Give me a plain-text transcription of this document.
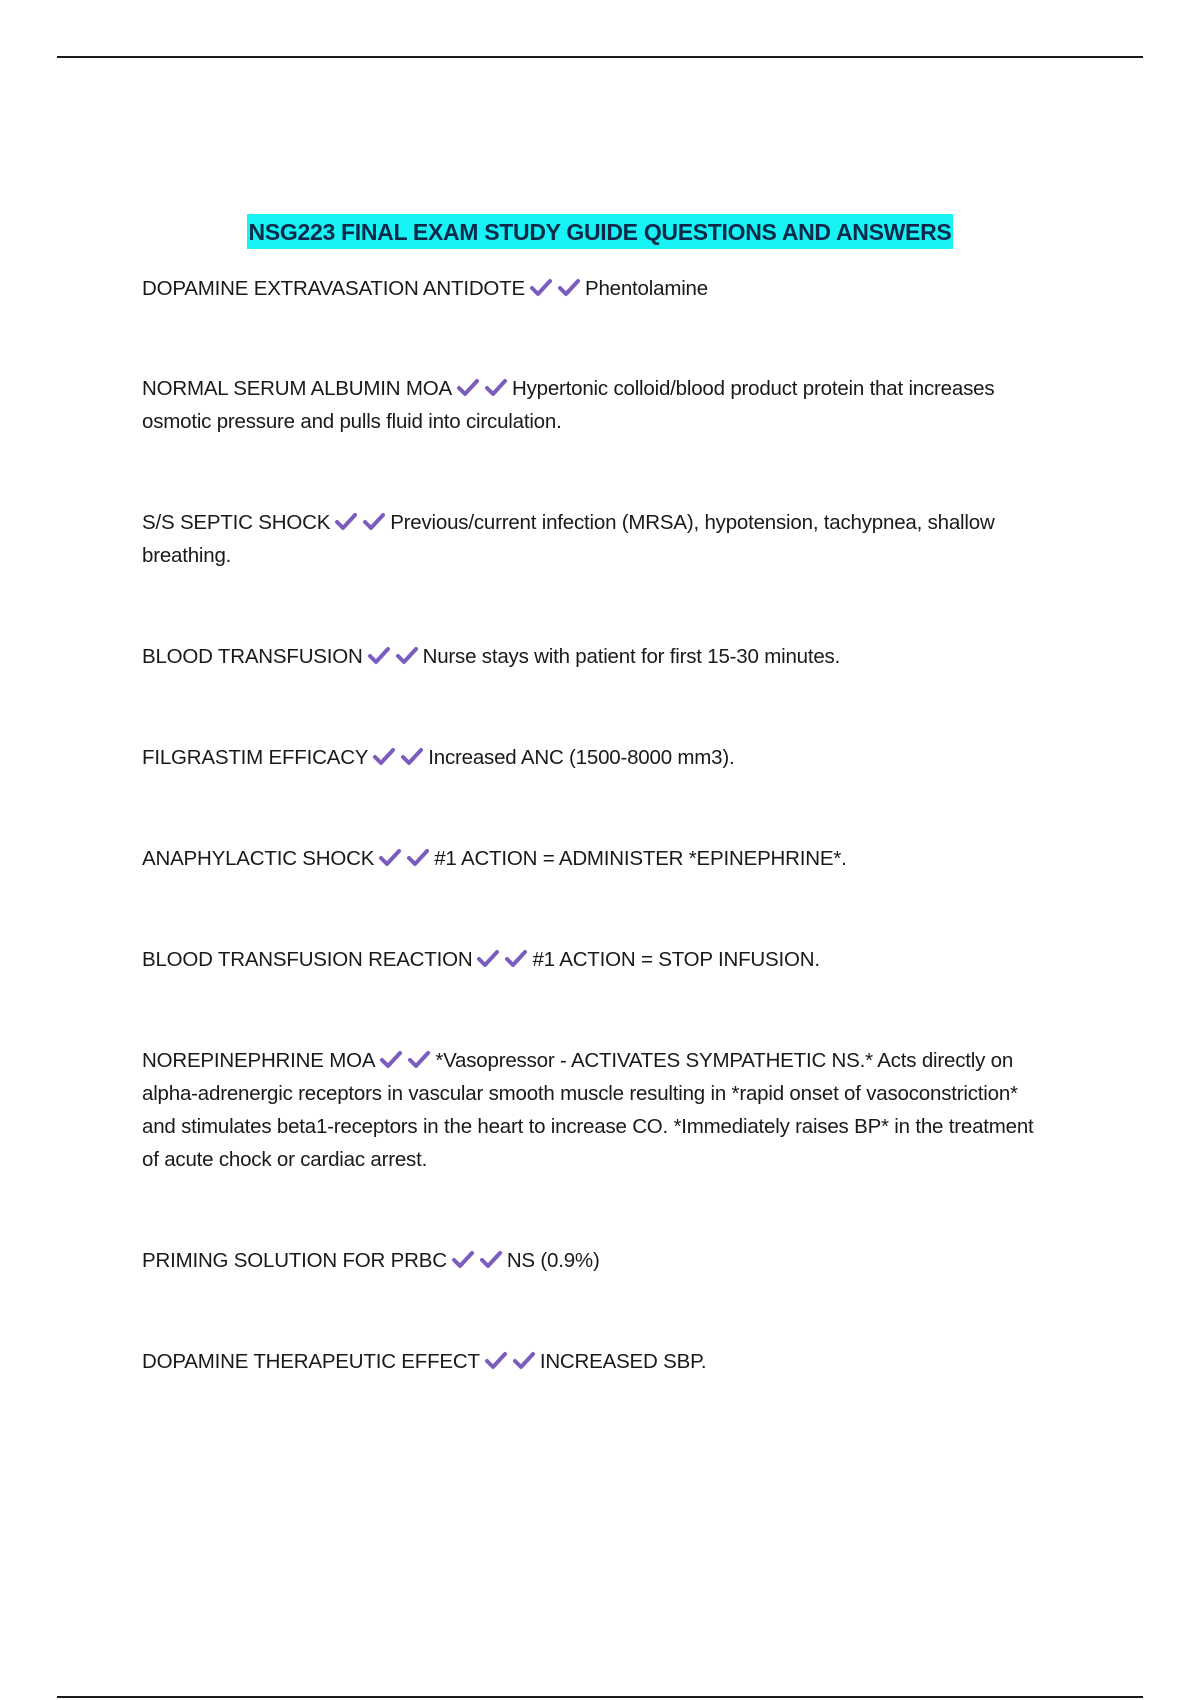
NSG223 FINAL EXAM STUDY GUIDE QUESTIONS AND ANSWERS
DOPAMINE EXTRAVASATION ANTIDOTE	Phentolamine
NORMAL SERUM ALBUMIN MOA	Hypertonic colloid/blood product protein that increases osmotic pressure and pulls fluid into circulation.
S/S SEPTIC SHOCK	Previous/current infection (MRSA), hypotension, tachypnea, shallow breathing.
BLOOD TRANSFUSION	Nurse stays with patient for first 15-30 minutes.
FILGRASTIM EFFICACY	Increased ANC (1500-8000 mm3).
ANAPHYLACTIC SHOCK	#1 ACTION = ADMINISTER *EPINEPHRINE*.
BLOOD TRANSFUSION REACTION	#1 ACTION = STOP INFUSION.
NOREPINEPHRINE MOA	*Vasopressor - ACTIVATES SYMPATHETIC NS.* Acts directly on alpha-adrenergic receptors in vascular smooth muscle resulting in *rapid onset of vasoconstriction* and stimulates beta1-receptors in the heart to increase CO. *Immediately raises BP* in the treatment of acute chock or cardiac arrest.
PRIMING SOLUTION FOR PRBC	NS (0.9%)
DOPAMINE THERAPEUTIC EFFECT	INCREASED SBP.
